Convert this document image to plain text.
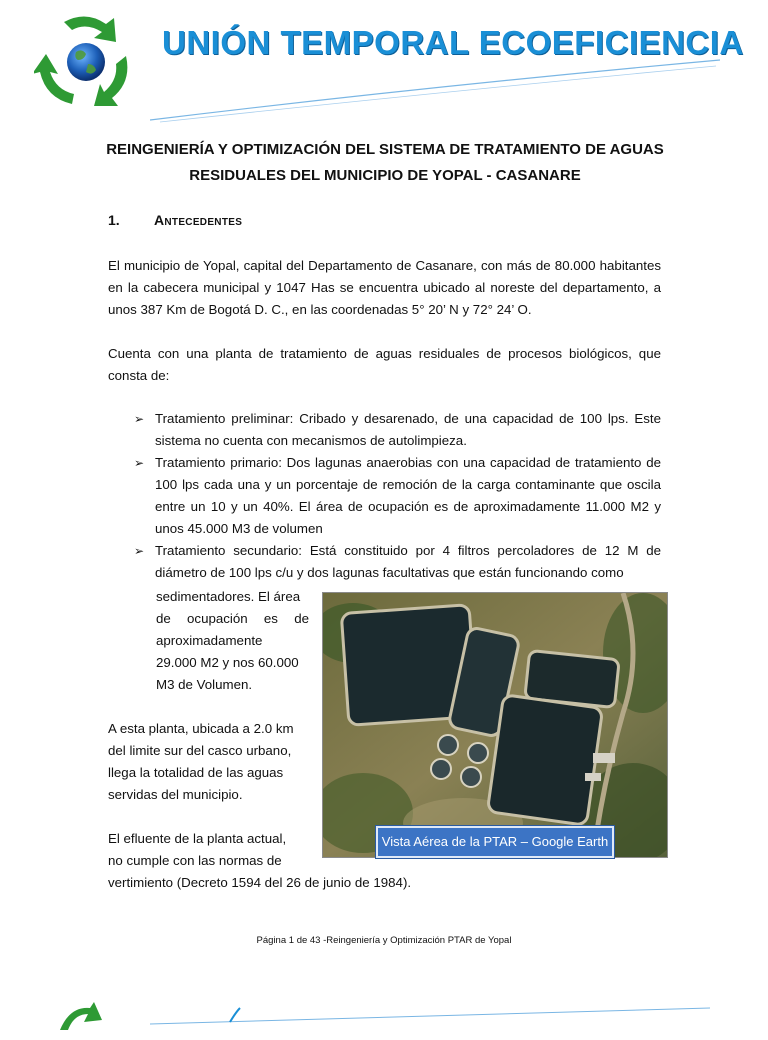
UNIÓN TEMPORAL ECOEFICIENCIA
REINGENIERÍA Y OPTIMIZACIÓN DEL SISTEMA DE TRATAMIENTO DE AGUAS
RESIDUALES DEL MUNICIPIO DE YOPAL - CASANARE
1. Antecedentes
El municipio de Yopal, capital del Departamento de Casanare, con más de 80.000 habitantes en la cabecera municipal y 1047 Has se encuentra ubicado al noreste del departamento, a unos 387 Km de Bogotá D. C., en las coordenadas 5° 20’ N y 72° 24’ O.
Cuenta con una planta de tratamiento de aguas residuales de procesos biológicos, que consta de:
➢ Tratamiento preliminar: Cribado y desarenado, de una capacidad de 100 lps. Este sistema no cuenta con mecanismos de autolimpieza.
➢ Tratamiento primario: Dos lagunas anaerobias con una capacidad de tratamiento de 100 lps cada una y un porcentaje de remoción de la carga contaminante que oscila entre un 10 y un 40%. El área de ocupación es de aproximadamente 11.000 M2 y unos 45.000 M3 de volumen
➢ Tratamiento secundario: Está constituido por 4 filtros percoladores de 12 M de diámetro de 100 lps c/u y dos lagunas facultativas que están funcionando como
sedimentadores. El área
de ocupación es de
aproximadamente
29.000 M2 y nos 60.000
M3 de Volumen.
A esta planta, ubicada a 2.0 km
del limite sur del casco urbano,
llega la totalidad de las aguas
servidas del municipio.
El efluente de la planta actual,
no cumple con las normas de
vertimiento (Decreto 1594 del 26 de junio de 1984).
Vista Aérea de la PTAR – Google Earth
Página 1 de 43 -Reingeniería y Optimización PTAR de Yopal
